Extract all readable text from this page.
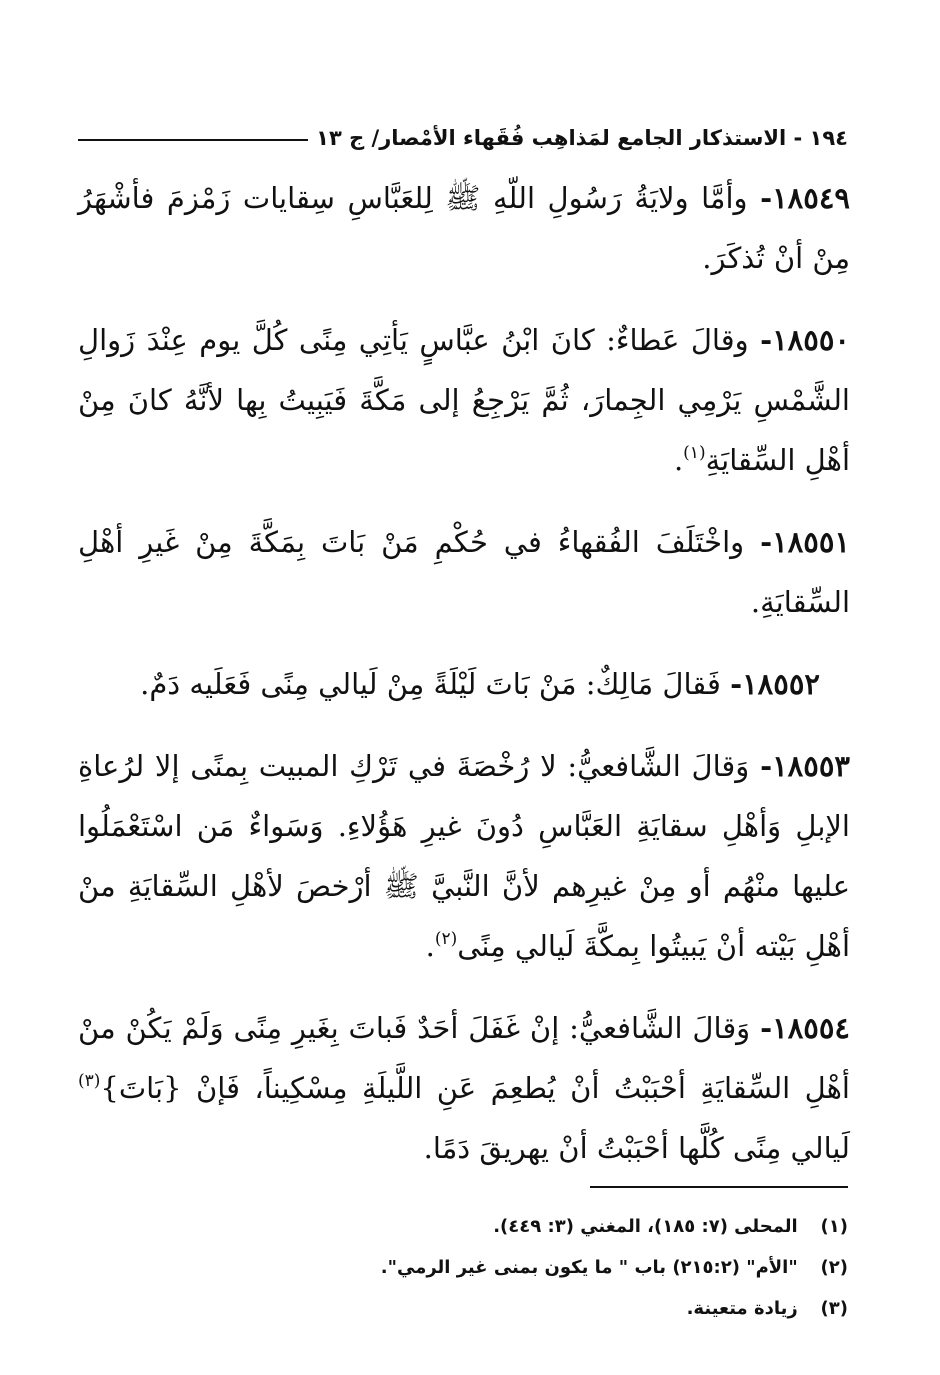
١٩٤ - الاستذكار الجامع لمَذاهِب فُقَهاء الأمْصار/ ج ١٣

١٨٥٤٩- وأمَّا ولايَةُ رَسُولِ اللّهِ ﷺ لِلعَبَّاسِ سِقايات زَمْزمَ فأشْهَرُ مِنْ أنْ تُذكَرَ.

١٨٥٥٠- وقالَ عَطاءٌ: كانَ ابْنُ عبَّاسٍ يَأتِي مِنًى كُلَّ يوم عِنْدَ زَوالِ الشَّمْسِ يَرْمِي الجِمارَ، ثُمَّ يَرْجِعُ إلى مَكَّةَ فَيَبِيتُ بِها لأنَّهُ كانَ مِنْ أهْلِ السِّقايَةِ$^{(١)}$.

١٨٥٥١- واخْتَلَفَ الفُقهاءُ في حُكْمِ مَنْ بَاتَ بِمَكَّةَ مِنْ غَيرِ أهْلِ السِّقايَةِ.

١٨٥٥٢- فَقالَ مَالِكٌ: مَنْ بَاتَ لَيْلَةً مِنْ لَيالي مِنًى فَعَلَيه دَمٌ.

١٨٥٥٣- وَقالَ الشَّافعيُّ: لا رُخْصَةَ في تَرْكِ المبيت بِمنًى إلا لرُعاةِ الإبلِ وَأهْلِ سقايَةِ العَبَّاسِ دُونَ غيرِ هَؤُلاءِ. وَسَواءٌ مَن اسْتَعْمَلُوا عليها منْهُم أو مِنْ غيرِهم لأنَّ النَّبيَّ ﷺ أرْخصَ لأهْلِ السِّقايَةِ منْ أهْلِ بَيْته أنْ يَبيتُوا بِمكَّةَ لَيالي مِنًى$^{(٢)}$.

١٨٥٥٤- وَقالَ الشَّافعيُّ: إنْ غَفَلَ أحَدٌ فَباتَ بِغَيرِ مِنًى وَلَمْ يَكُنْ منْ أهْلِ السِّقايَةِ أحْبَبْتُ أنْ يُطعِمَ عَنِ اللَّيلَةِ مِسْكِيناً، فَإنْ {بَاتَ}$^{(٣)}$ لَيالي مِنًى كُلَّها أحْبَبْتُ أنْ يهريقَ دَمًا.

(١) المحلى (٧: ١٨٥)، المغني (٣: ٤٤٩).

(٢) "الأم" (٢١٥:٢) باب " ما يكون بمنى غير الرمي".

(٣) زيادة متعينة.
